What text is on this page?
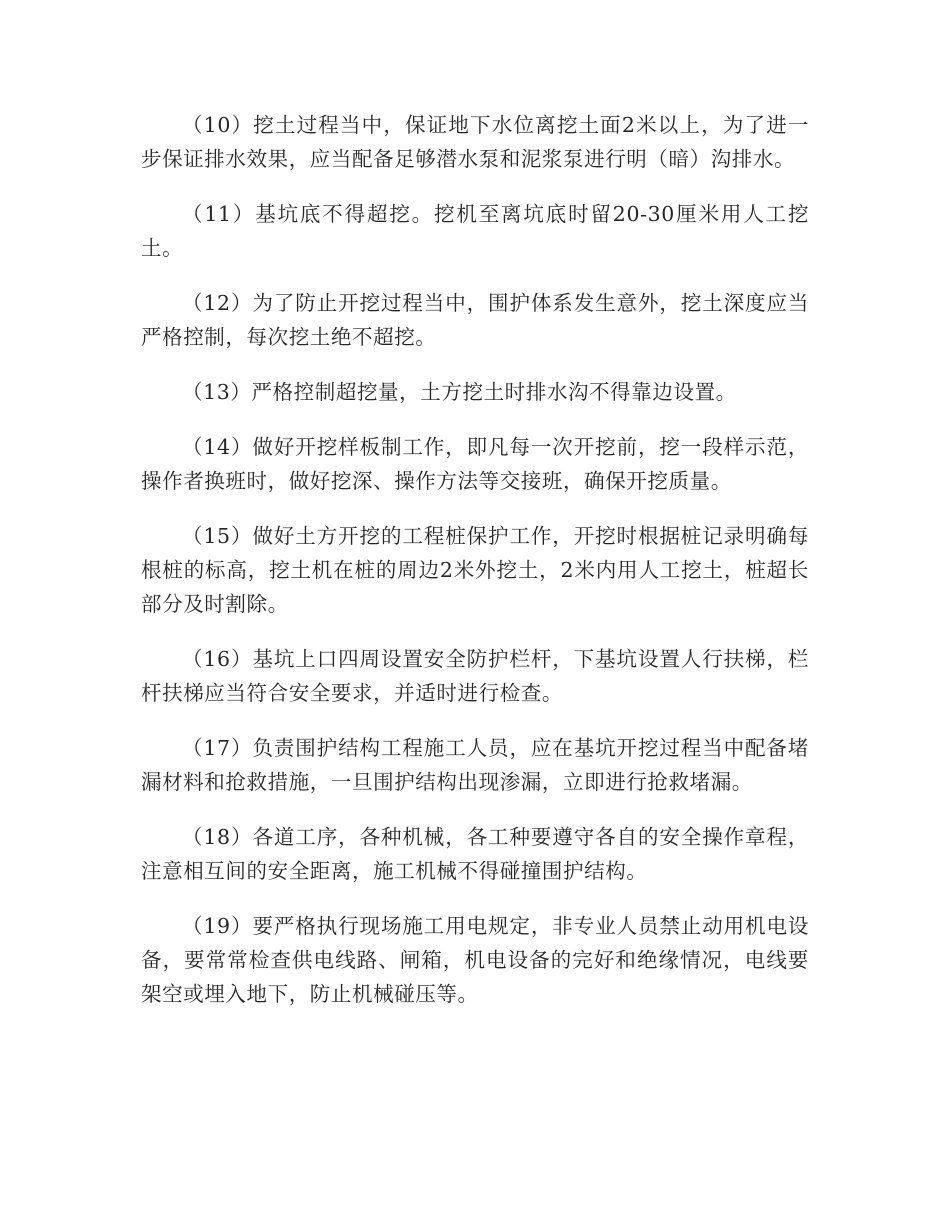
（10）挖土过程当中，保证地下水位离挖土面2米以上，为了进一步保证排水效果，应当配备足够潜水泵和泥浆泵进行明（暗）沟排水。

（11）基坑底不得超挖。挖机至离坑底时留20-30厘米用人工挖土。

（12）为了防止开挖过程当中，围护体系发生意外，挖土深度应当严格控制，每次挖土绝不超挖。

（13）严格控制超挖量，土方挖土时排水沟不得靠边设置。

（14）做好开挖样板制工作，即凡每一次开挖前，挖一段样示范，操作者换班时，做好挖深、操作方法等交接班，确保开挖质量。

（15）做好土方开挖的工程桩保护工作，开挖时根据桩记录明确每根桩的标高，挖土机在桩的周边2米外挖土，2米内用人工挖土，桩超长部分及时割除。

（16）基坑上口四周设置安全防护栏杆，下基坑设置人行扶梯，栏杆扶梯应当符合安全要求，并适时进行检查。

（17）负责围护结构工程施工人员，应在基坑开挖过程当中配备堵漏材料和抢救措施，一旦围护结构出现渗漏，立即进行抢救堵漏。

（18）各道工序，各种机械，各工种要遵守各自的安全操作章程，注意相互间的安全距离，施工机械不得碰撞围护结构。

（19）要严格执行现场施工用电规定，非专业人员禁止动用机电设备，要常常检查供电线路、闸箱，机电设备的完好和绝缘情况，电线要架空或埋入地下，防止机械碰压等。
